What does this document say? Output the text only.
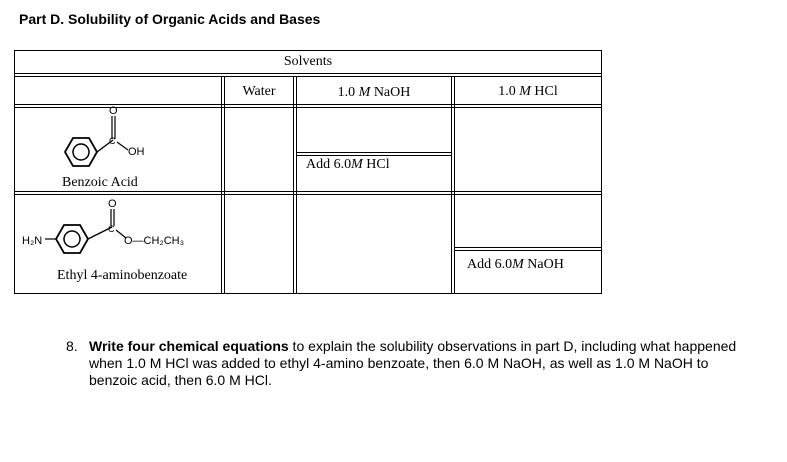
Part D. Solubility of Organic Acids and Bases
Solvents
Water	1.0 M NaOH	1.0 M HCl
O
C
OH
Benzoic Acid
H₂N
O
C
O—CH₂CH₃
Ethyl 4-aminobenzoate
Add 6.0M HCl
Add 6.0M NaOH
8. Write four chemical equations to explain the solubility observations in part D, including what happened when 1.0 M HCl was added to ethyl 4-amino benzoate, then 6.0 M NaOH, as well as 1.0 M NaOH to benzoic acid, then 6.0 M HCl.
